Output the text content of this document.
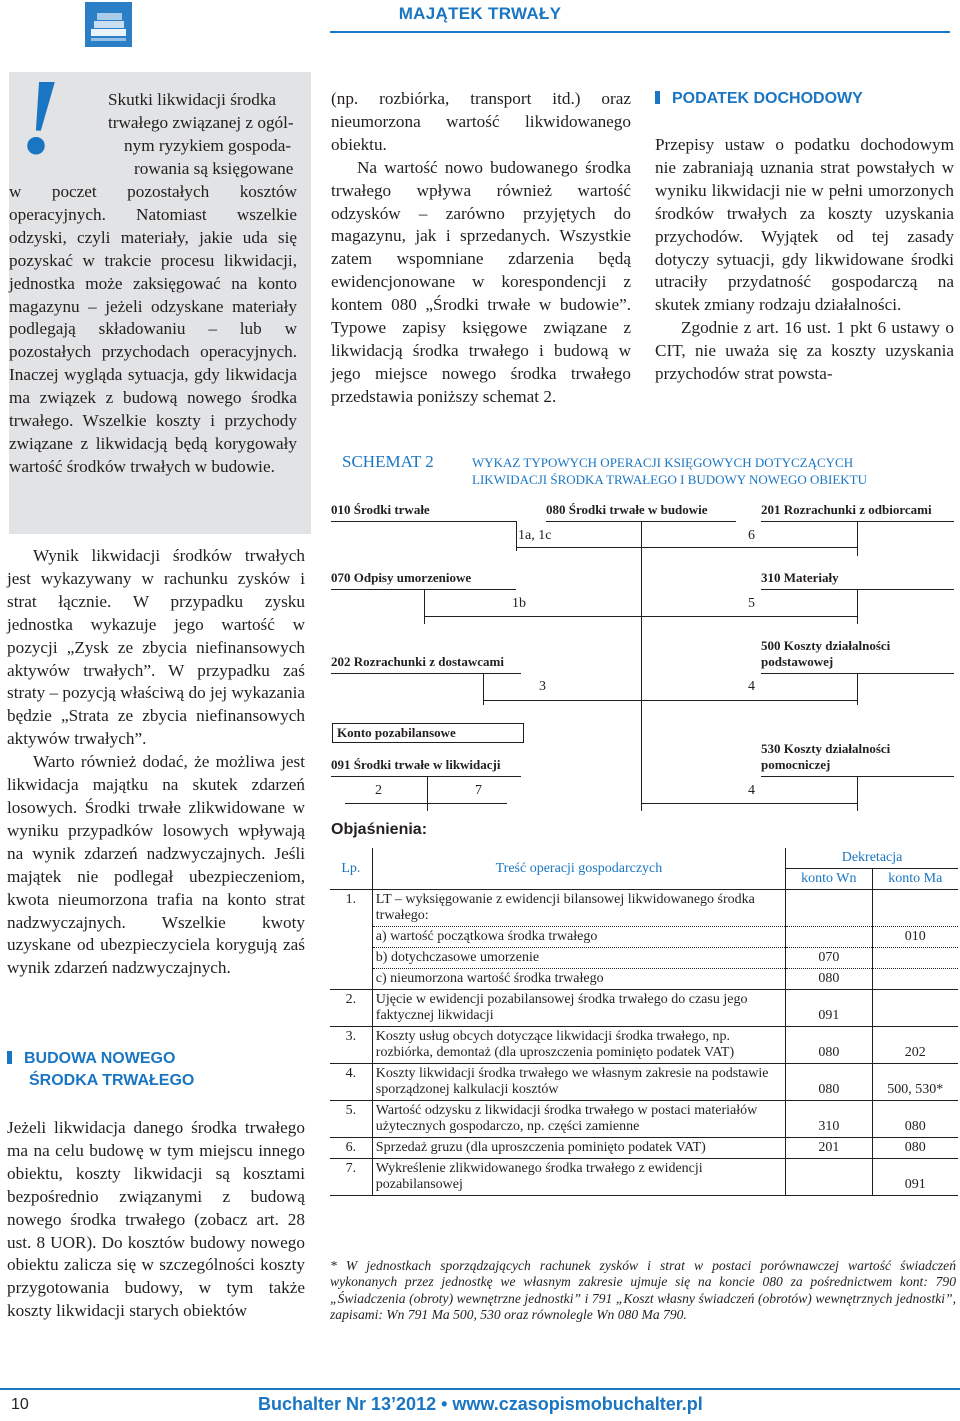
MAJĄTEK TRWAŁY
!	Skutki likwidacji środka
trwałego związanej z ogól-
nym ryzykiem gospoda-
rowania są księgowane

w poczet pozostałych kosztów operacyjnych. Natomiast wszelkie odzyski, czyli materiały, jakie uda się pozyskać w trakcie procesu likwidacji, jednostka może zaksięgować na konto magazynu – jeżeli odzyskane materiały podlegają składowaniu – lub w pozostałych przychodach operacyjnych. Inaczej wygląda sytuacja, gdy likwidacja ma związek z budową nowego środka trwałego. Wszelkie koszty i przychody związane z likwidacją będą korygowały wartość środków trwałych w budowie.

Wynik likwidacji środków trwałych jest wykazywany w rachunku zysków i strat łącznie. W przypadku zysku jednostka wykazuje jego wartość w pozycji „Zysk ze zbycia niefinansowych aktywów trwałych”. W przypadku zaś straty – pozycją właściwą do jej wykazania będzie „Strata ze zbycia niefinansowych aktywów trwałych”.

Warto również dodać, że możliwa jest likwidacja majątku na skutek zdarzeń losowych. Środki trwałe zlikwidowane w wyniku przypadków losowych wpływają na wynik zdarzeń nadzwyczajnych. Jeśli majątek nie podlegał ubezpieczeniom, kwota nieumorzona trafia na konto strat nadzwyczajnych. Wszelkie kwoty uzyskane od ubezpieczyciela korygują zaś wynik zdarzeń nadzwyczajnych.

BUDOWA NOWEGO
ŚRODKA TRWAŁEGO

Jeżeli likwidacja danego środka trwałego ma na celu budowę w tym miejscu innego obiektu, koszty likwidacji są kosztami bezpośrednio związanymi z budową nowego środka trwałego (zobacz art. 28 ust. 8 UOR). Do kosztów budowy nowego obiektu zalicza się w szczególności koszty przygotowania budowy, w tym także koszty likwidacji starych obiektów

(np. rozbiórka, transport itd.) oraz nieumorzona wartość likwidowanego obiektu.

Na wartość nowo budowanego środka trwałego wpływa również wartość odzysków – zarówno przyjętych do magazynu, jak i sprzedanych. Wszystkie zatem wspomniane zdarzenia będą ewidencjonowane w korespondencji z kontem 080 „Środki trwałe w budowie”. Typowe zapisy księgowe związane z likwidacją środka trwałego i budową w jego miejsce nowego środka trwałego przedstawia poniższy schemat 2.

PODATEK DOCHODOWY

Przepisy ustaw o podatku dochodowym nie zabraniają uznania strat powstałych w wyniku likwidacji nie w pełni umorzonych środków trwałych za koszty uzyskania przychodów. Wyjątek od tej zasady dotyczy sytuacji, gdy likwidowane środki utraciły przydatność gospodarczą na skutek zmiany rodzaju działalności.

Zgodnie z art. 16 ust. 1 pkt 6 ustawy o CIT, nie uważa się za koszty uzyskania przychodów strat powsta-

SCHEMAT 2	WYKAZ TYPOWYCH OPERACJI KSIĘGOWYCH DOTYCZĄCYCH
LIKWIDACJI ŚRODKA TRWAŁEGO I BUDOWY NOWEGO OBIEKTU
010 Środki trwałe	080 Środki trwałe w budowie	201 Rozrachunki z odbiorcami
1a, 1c	6
070 Odpisy umorzeniowe
1b
310 Materiały
5
202 Rozrachunki z dostawcami
3
500 Koszty działalności
podstawowej
4
Konto pozabilansowe
091 Środki trwałe w likwidacji
2	7
530 Koszty działalności
pomocniczej
4
Objaśnienia:
Lp.	Treść operacji gospodarczych	Dekretacja	
		konto Wn	konto Ma
1.	LT – wyksięgowanie z ewidencji bilansowej likwidowanego środka trwałego:		
	a) wartość początkowa środka trwałego		010
	b) dotychczasowe umorzenie	070	
	c) nieumorzona wartość środka trwałego	080	
2.	Ujęcie w ewidencji pozabilansowej środka trwałego do czasu jego faktycznej likwidacji	091	
3.	Koszty usług obcych dotyczące likwidacji środka trwałego, np. rozbiórka, demontaż (dla uproszczenia pominięto podatek VAT)	080	202
4.	Koszty likwidacji środka trwałego we własnym zakresie na podstawie sporządzonej kalkulacji kosztów	080	500, 530*
5.	Wartość odzysku z likwidacji środka trwałego w postaci materiałów użytecznych gospodarczo, np. części zamienne	310	080
6.	Sprzedaż gruzu (dla uproszczenia pominięto podatek VAT)	201	080
7.	Wykreślenie zlikwidowanego środka trwałego z ewidencji pozabilansowej		091
* W jednostkach sporządzających rachunek zysków i strat w postaci porównawczej wartość świadczeń wykonanych przez jednostkę we własnym zakresie ujmuje się na koncie 080 za pośrednictwem kont: 790 „Świadczenia (obroty) wewnętrzne jednostki” i 791 „Koszt własny świadczeń (obrotów) wewnętrznych jednostki”, zapisami: Wn 791 Ma 500, 530 oraz równolegle Wn 080 Ma 790.
10	Buchalter Nr 13’2012 • www.czasopismobuchalter.pl
